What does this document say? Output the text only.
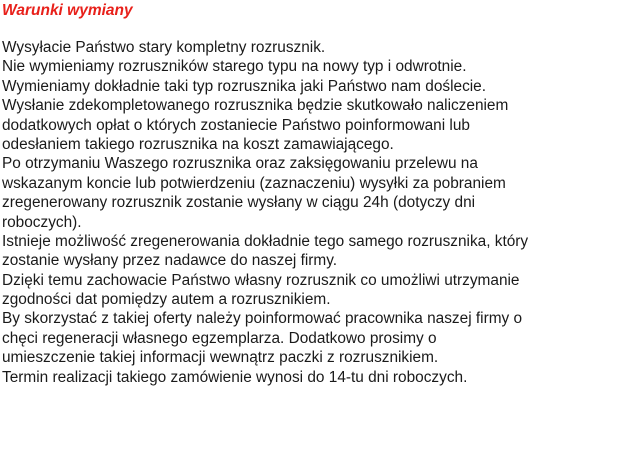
Warunki wymiany
Wysyłacie Państwo stary kompletny rozrusznik.
Nie wymieniamy rozruszników starego typu na nowy typ i odwrotnie.
Wymieniamy dokładnie taki typ rozrusznika jaki Państwo nam doślecie.
Wysłanie zdekompletowanego rozrusznika będzie skutkowało naliczeniem
dodatkowych opłat o których zostaniecie Państwo poinformowani lub
odesłaniem takiego rozrusznika na koszt zamawiającego.
Po otrzymaniu Waszego rozrusznika oraz zaksięgowaniu przelewu na
wskazanym koncie lub potwierdzeniu (zaznaczeniu) wysyłki za pobraniem
zregenerowany rozrusznik zostanie wysłany w ciągu 24h (dotyczy dni
roboczych).
Istnieje możliwość zregenerowania dokładnie tego samego rozrusznika, który
zostanie wysłany przez nadawce do naszej firmy.
Dzięki temu zachowacie Państwo własny rozrusznik co umożliwi utrzymanie
zgodności dat pomiędzy autem a rozrusznikiem.
By skorzystać z takiej oferty należy poinformować pracownika naszej firmy o
chęci regeneracji własnego egzemplarza. Dodatkowo prosimy o
umieszczenie takiej informacji wewnątrz paczki z rozrusznikiem.
Termin realizacji takiego zamówienie wynosi do 14-tu dni roboczych.
